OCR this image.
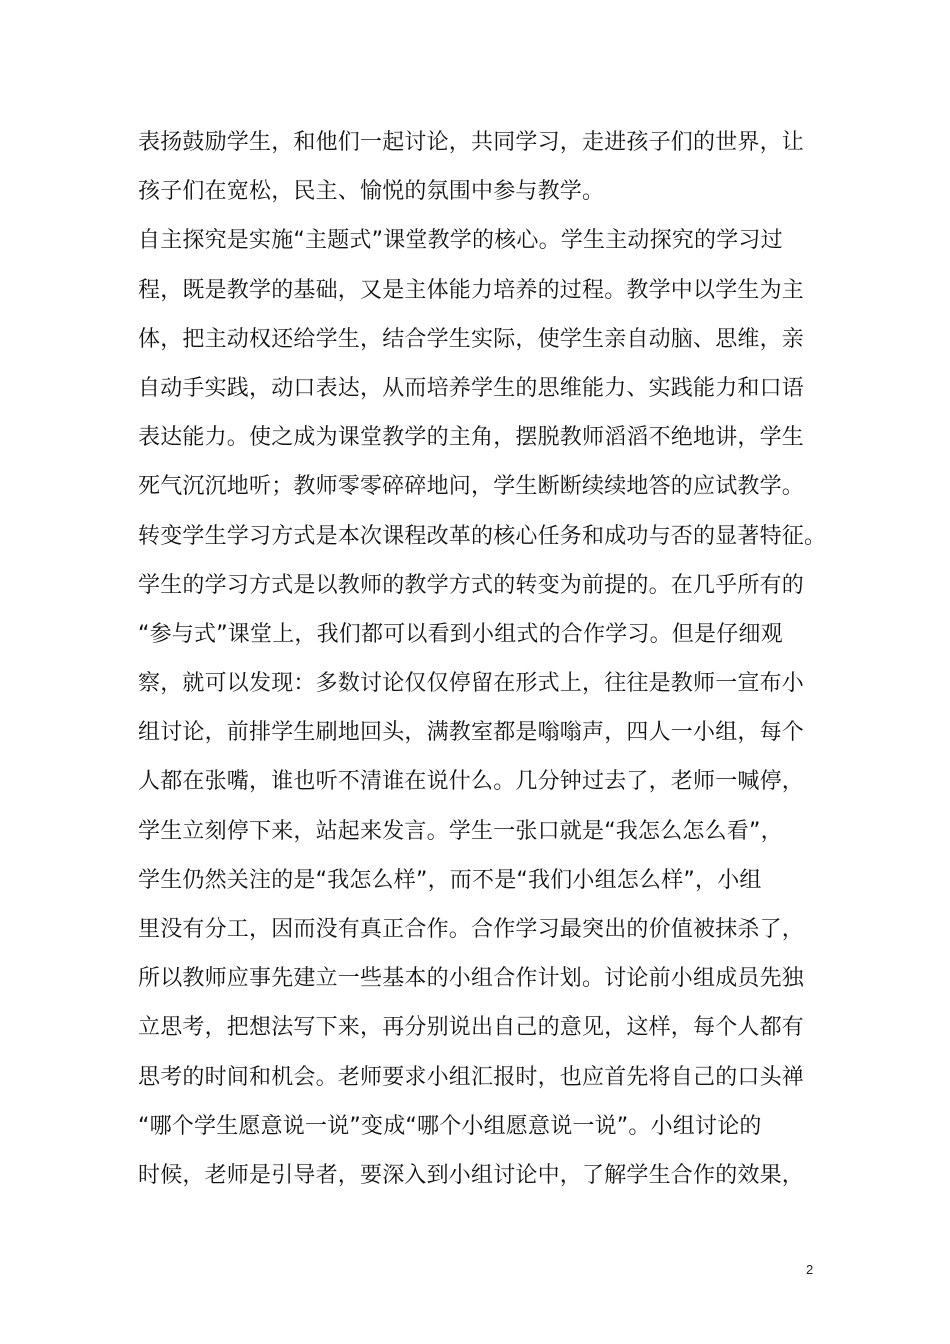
表扬鼓励学生，和他们一起讨论，共同学习，走进孩子们的世界，让
孩子们在宽松，民主、愉悦的氛围中参与教学。
自主探究是实施“主题式”课堂教学的核心。学生主动探究的学习过
程，既是教学的基础，又是主体能力培养的过程。教学中以学生为主
体，把主动权还给学生，结合学生实际，使学生亲自动脑、思维，亲
自动手实践，动口表达，从而培养学生的思维能力、实践能力和口语
表达能力。使之成为课堂教学的主角，摆脱教师滔滔不绝地讲，学生
死气沉沉地听；教师零零碎碎地问，学生断断续续地答的应试教学。
转变学生学习方式是本次课程改革的核心任务和成功与否的显著特征。
学生的学习方式是以教师的教学方式的转变为前提的。在几乎所有的
“参与式”课堂上，我们都可以看到小组式的合作学习。但是仔细观
察，就可以发现：多数讨论仅仅停留在形式上，往往是教师一宣布小
组讨论，前排学生刷地回头，满教室都是嗡嗡声，四人一小组，每个
人都在张嘴，谁也听不清谁在说什么。几分钟过去了，老师一喊停，
学生立刻停下来，站起来发言。学生一张口就是“我怎么怎么看”，
学生仍然关注的是“我怎么样”，而不是“我们小组怎么样”，小组
里没有分工，因而没有真正合作。合作学习最突出的价值被抹杀了，
所以教师应事先建立一些基本的小组合作计划。讨论前小组成员先独
立思考，把想法写下来，再分别说出自己的意见，这样，每个人都有
思考的时间和机会。老师要求小组汇报时，也应首先将自己的口头禅
“哪个学生愿意说一说”变成“哪个小组愿意说一说”。小组讨论的
时候，老师是引导者，要深入到小组讨论中，了解学生合作的效果，
2
